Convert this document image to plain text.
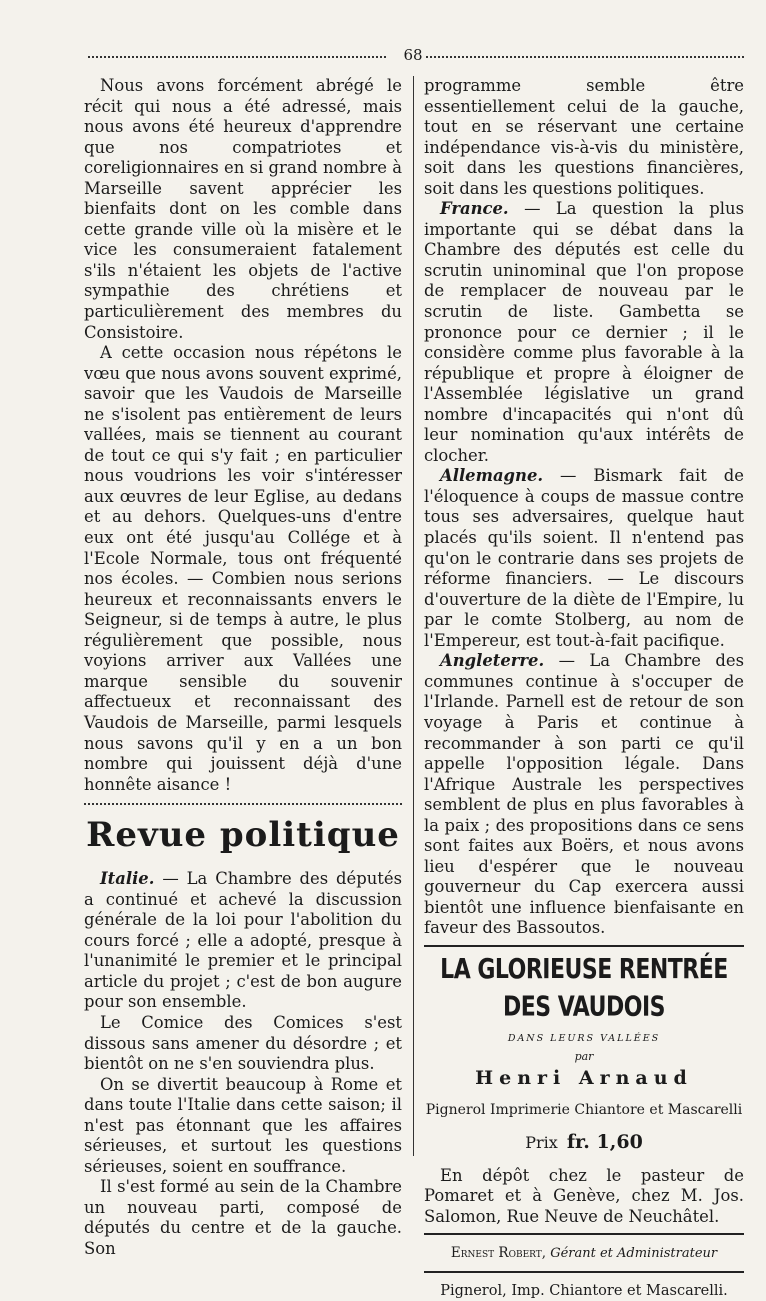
68

Nous avons forcément abrégé le récit qui nous a été adressé, mais nous avons été heureux d'apprendre que nos compatriotes et coreligionnaires en si grand nombre à Marseille savent apprécier les bienfaits dont on les comble dans cette grande ville où la misère et le vice les consumeraient fatalement s'ils n'étaient les objets de l'active sympathie des chrétiens et particulièrement des membres du Consistoire.

A cette occasion nous répétons le vœu que nous avons souvent exprimé, savoir que les Vaudois de Marseille ne s'isolent pas entièrement de leurs vallées, mais se tiennent au courant de tout ce qui s'y fait ; en particulier nous voudrions les voir s'intéresser aux œuvres de leur Eglise, au dedans et au dehors. Quelques-uns d'entre eux ont été jusqu'au Collége et à l'Ecole Normale, tous ont fréquenté nos écoles. — Combien nous serions heureux et reconnaissants envers le Seigneur, si de temps à autre, le plus régulièrement que possible, nous voyions arriver aux Vallées une marque sensible du souvenir affectueux et reconnaissant des Vaudois de Marseille, parmi lesquels nous savons qu'il y en a un bon nombre qui jouissent déjà d'une honnête aisance !

Revue politique

Italie. — La Chambre des députés a continué et achevé la discussion générale de la loi pour l'abolition du cours forcé ; elle a adopté, presque à l'unanimité le premier et le principal article du projet ; c'est de bon augure pour son ensemble.

Le Comice des Comices s'est dissous sans amener du désordre ; et bientôt on ne s'en souviendra plus.

On se divertit beaucoup à Rome et dans toute l'Italie dans cette saison; il n'est pas étonnant que les affaires sérieuses, et surtout les questions sérieuses, soient en souffrance.

Il s'est formé au sein de la Chambre un nouveau parti, composé de députés du centre et de la gauche. Son

programme semble être essentiellement celui de la gauche, tout en se réservant une certaine indépendance vis-à-vis du ministère, soit dans les questions financières, soit dans les questions politiques.

France. — La question la plus importante qui se débat dans la Chambre des députés est celle du scrutin uninominal que l'on propose de remplacer de nouveau par le scrutin de liste. Gambetta se prononce pour ce dernier ; il le considère comme plus favorable à la république et propre à éloigner de l'Assemblée législative un grand nombre d'incapacités qui n'ont dû leur nomination qu'aux intérêts de clocher.

Allemagne. — Bismark fait de l'éloquence à coups de massue contre tous ses adversaires, quelque haut placés qu'ils soient. Il n'entend pas qu'on le contrarie dans ses projets de réforme financiers. — Le discours d'ouverture de la diète de l'Empire, lu par le comte Stolberg, au nom de l'Empereur, est tout-à-fait pacifique.

Angleterre. — La Chambre des communes continue à s'occuper de l'Irlande. Parnell est de retour de son voyage à Paris et continue à recommander à son parti ce qu'il appelle l'opposition légale. Dans l'Afrique Australe les perspectives semblent de plus en plus favorables à la paix ; des propositions dans ce sens sont faites aux Boërs, et nous avons lieu d'espérer que le nouveau gouverneur du Cap exercera aussi bientôt une influence bienfaisante en faveur des Bassoutos.

LA GLORIEUSE RENTRÉE DES VAUDOIS
DANS LEURS VALLÉES
par
Henri Arnaud
Pignerol Imprimerie Chiantore et Mascarelli
Prix fr. 1,60

En dépôt chez le pasteur de Pomaret et à Genève, chez M. Jos. Salomon, Rue Neuve de Neuchâtel.

Ernest Robert, Gérant et Administrateur
Pignerol, Imp. Chiantore et Mascarelli.
